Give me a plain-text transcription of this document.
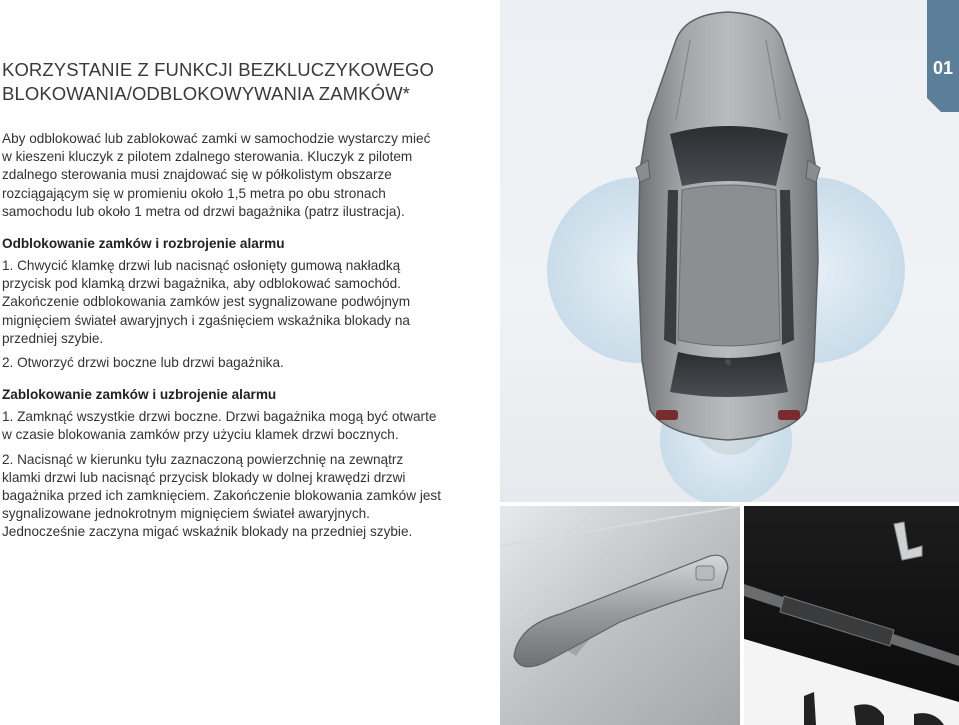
KORZYSTANIE Z FUNKCJI BEZKLUCZYKOWEGO
BLOKOWANIA/ODBLOKOWYWANIA ZAMKÓW*

Aby odblokować lub zablokować zamki w samochodzie wystarczy mieć w kieszeni kluczyk z pilotem zdalnego sterowania. Kluczyk z pilotem zdalnego sterowania musi znajdować się w półkolistym obszarze rozciągającym się w promieniu około 1,5 metra po obu stronach samochodu lub około 1 metra od drzwi bagażnika (patrz ilustracja).

Odblokowanie zamków i rozbrojenie alarmu

1. Chwycić klamkę drzwi lub nacisnąć osłonięty gumową nakładką przycisk pod klamką drzwi bagażnika, aby odblokować samochód. Zakończenie odblokowania zamków jest sygnalizowane podwójnym mignięciem świateł awaryjnych i zgaśnięciem wskaźnika blokady na przedniej szybie.

2. Otworzyć drzwi boczne lub drzwi bagażnika.

Zablokowanie zamków i uzbrojenie alarmu

1. Zamknąć wszystkie drzwi boczne. Drzwi bagażnika mogą być otwarte w czasie blokowania zamków przy użyciu klamek drzwi bocznych.

2. Nacisnąć w kierunku tyłu zaznaczoną powierzchnię na zewnątrz klamki drzwi lub nacisnąć przycisk blokady w dolnej krawędzi drzwi bagażnika przed ich zamknięciem. Zakończenie blokowania zamków jest sygnalizowane jednokrotnym mignięciem świateł awaryjnych. Jednocześnie zaczyna migać wskaźnik blokady na przedniej szybie.

01
